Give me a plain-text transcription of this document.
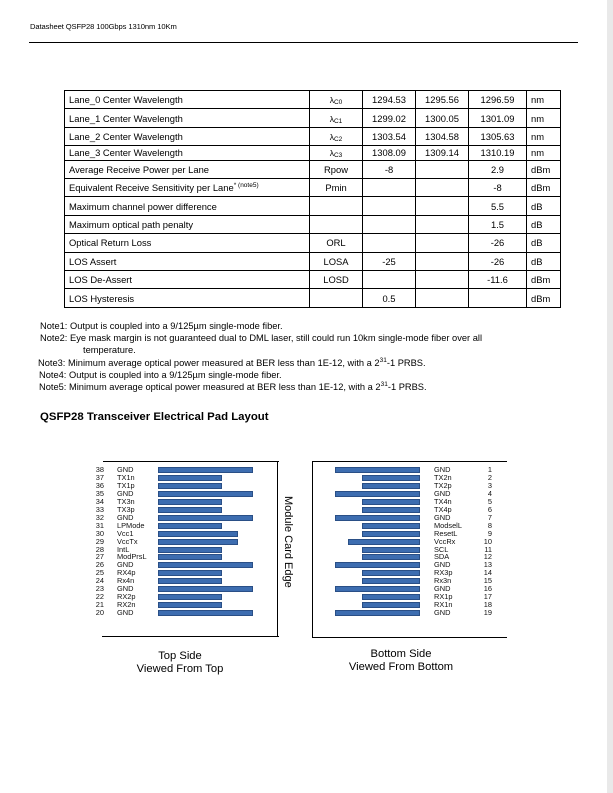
Datasheet QSFP28 100Gbps 1310nm 10Km
Lane_0 Center Wavelength	$\lambda_{C0}$	1294.53	1295.56	1296.59	nm
Lane_1 Center Wavelength	$\lambda_{C1}$	1299.02	1300.05	1301.09	nm
Lane_2 Center Wavelength	$\lambda_{C2}$	1303.54	1304.58	1305.63	nm
Lane_3 Center Wavelength	$\lambda_{C3}$	1308.09	1309.14	1310.19	nm
Average Receive Power per Lane	Rpow	-8		2.9	dBm
Equivalent Receive Sensitivity per Lane$^{* (note5)}$	Pmin			-8	dBm
Maximum channel power difference				5.5	dB
Maximum optical path penalty				1.5	dB
Optical Return Loss	ORL			-26	dB
LOS Assert	LOSA	-25		-26	dB
LOS De-Assert	LOSD			-11.6	dBm
LOS Hysteresis		0.5			dBm
Note1: Output is coupled into a 9/125µm single-mode fiber.
Note2: Eye mask margin is not guaranteed dual to DML laser, still could run 10km single-mode fiber over all
temperature.
Note3: Minimum average optical power measured at BER less than 1E-12, with a $2^{31}-1$ PRBS.
Note4: Output is coupled into a 9/125µm single-mode fiber.
Note5: Minimum average optical power measured at BER less than 1E-12, with a $2^{31}-1$ PRBS.
QSFP28 Transceiver Electrical Pad Layout
38 GND
37 TX1n
36 TX1p
35 GND
34 TX3n
33 TX3p
32 GND
31 LPMode
30 Vcc1
29 VccTx
28 IntL
27 ModPrsL
26 GND
25 RX4p
24 Rx4n
23 GND
22 RX2p
21 RX2n
20 GND
GND	1
TX2n	2
TX2p	3
GND	4
TX4n	5
TX4p	6
GND	7
ModselL	8
ResetL	9
VccRx	10
SCL	11
SDA	12
GND	13
RX3p	14
Rx3n	15
GND	16
RX1p	17
RX1n	18
GND	19
Module Card Edge
Top Side
Viewed From Top
Bottom Side
Viewed From Bottom
